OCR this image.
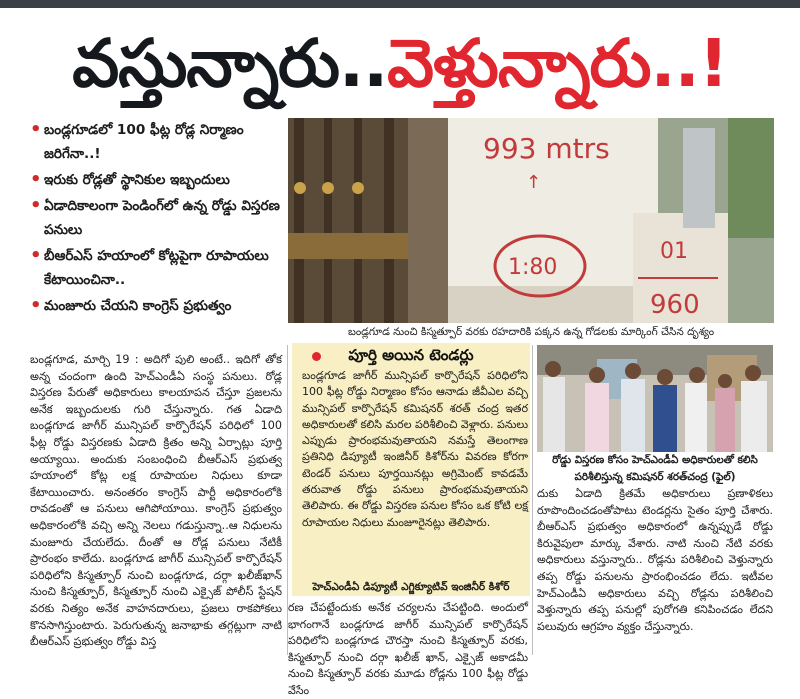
వస్తున్నారు..వెళ్తున్నారు..!
• బండ్లగూడలో 100 ఫీట్ల రోడ్ల నిర్మాణం జరిగేనా..!
• ఇరుకు రోడ్లతో స్థానికుల ఇబ్బందులు
• ఏడాదికాలంగా పెండింగ్‌లో ఉన్న రోడ్డు విస్తరణ పనులు
• బీఆర్‌ఎస్ హయాంలో కోట్లపైగా రూపాయలు కేటాయించినా..
• మంజూరు చేయని కాంగ్రెస్ ప్రభుత్వం
993 mtrs
↑
1:80
01
960
బండ్లగూడ నుంచి కిస్మత్పూర్ వరకు రహదారికి పక్కన ఉన్న గోడలకు మార్కింగ్ చేసిన దృశ్యం
బండ్లగూడ, మార్చి 19 : అదిగో పులి అంటే.. ఇదిగో తోక అన్న చందంగా ఉంది హెచ్ఎండీఏ సంస్థ పనులు. రోడ్ల విస్తరణ పేరుతో అధికారులు కాలయాపన చేస్తూ ప్రజలను అనేక ఇబ్బందులకు గురి చేస్తున్నారు. గత ఏడాది బండ్లగూడ జాగీర్ మున్సిపల్ కార్పొరేషన్ పరిధిలో 100 ఫీట్ల రోడ్డు విస్తరణకు ఏడాది క్రితం అన్ని ఏర్పాట్లు పూర్తి అయ్యాయి. అందుకు సంబంధించి బీఆర్ఎస్ ప్రభుత్వ హయాంలో కోట్ల లక్ష రూపాయల నిధులు కూడా కేటాయించారు. అనంతరం కాంగ్రెస్ పార్టీ అధికారంలోకి రావడంతో ఆ పనులు ఆగిపోయాయి. కాంగ్రెస్ ప్రభుత్వం అధికారంలోకి వచ్చి అన్ని నెలలు గడుస్తున్నా..ఆ నిధులను మంజూరు చేయలేదు. దీంతో ఆ రోడ్ల పనులు నేటికీ ప్రారంభం కాలేదు. బండ్లగూడ జాగీర్ మున్సిపల్ కార్పొరేషన్ పరిధిలోని కిస్మత్పూర్ నుంచి బండ్లగూడ, దర్గా ఖలీజ్‌ఖాన్ నుంచి కిస్మత్పూర్, కిస్మత్పూర్ నుంచి ఎక్సైజ్ పోలీస్ స్టేషన్ వరకు నిత్యం అనేక వాహనదారులు, ప్రజలు రాకపోకలు కొనసాగిస్తుంటారు. పెరుగుతున్న జనాభాకు తగ్గట్లుగా నాటి బీఆర్ఎస్ ప్రభుత్వం రోడ్డు విస్త
పూర్తి అయిన టెండర్లు
బండ్లగూడ జాగీర్ మున్సిపల్ కార్పొరేషన్ పరిధిలోని 100 ఫీట్ల రోడ్డు నిర్మాణం కోసం ఆనాడు జీవీఎల వచ్చి మున్సిపల్ కార్పొరేషన్ కమిషనర్ శరత్ చంద్ర ఇతర అధికారులతో కలిసి మరల పరిశీలించి వెళ్లారు. పనులు ఎప్పుడు ప్రారంభమవుతాయని నమస్తే తెలంగాణ ప్రతినిధి డిప్యూటీ ఇంజినీర్ కిశోర్‌ను వివరణ కోరగా టెండర్ పనులు పూర్తయినట్లు అగ్రిమెంట్ కావడమే తరువాత రోడ్డు పనులు ప్రారంభమవుతాయని తెలిపారు. ఈ రోడ్డు విస్తరణ పనుల కోసం ఒక కోటి లక్ష రూపాయల నిధులు మంజూరైనట్లు తెలిపారు.
హెచ్ఎండీఏ డిప్యూటీ ఎగ్జిక్యూటివ్ ఇంజినీర్ కిశోర్
రణ చేపట్టేందుకు అనేక చర్యలను చేపట్టింది. అందులో భాగంగానే బండ్లగూడ జాగీర్ మున్సిపల్ కార్పొరేషన్ పరిధిలోని బండ్లగూడ చౌరస్తా నుంచి కిస్మత్పూర్ వరకు, కిస్మత్పూర్ నుంచి దర్గా ఖలీజ్ ఖాన్, ఎక్సైజ్ అకాడమీ నుంచి కిస్మత్పూర్ వరకు మూడు రోడ్లను 100 ఫీట్ల రోడ్డు వేసేం
రోడ్డు విస్తరణ కోసం హెచ్‌ఎండీఏ అధికారులతో కలిసి పరిశీలిస్తున్న కమిషనర్ శరత్‌చంద్ర (ఫైల్)
దుకు ఏడాది క్రితమే అధికారులు ప్రణాళికలు రూపొందించడంతోపాటు టెండర్లను సైతం పూర్తి చేశారు. బీఆర్ఎస్ ప్రభుత్వం అధికారంలో ఉన్నప్పుడే రోడ్డు కిరువైపులా మార్కు వేశారు. నాటి నుంచి నేటి వరకు అధికారులు వస్తున్నారు.. రోడ్లను పరిశీలించి వెళ్తున్నారు తప్ప రోడ్డు పనులను ప్రారంభించడం లేదు. ఇటీవల హెచ్‌ఎండీఏ అధికారులు వచ్చి రోడ్లను పరిశీలించి వెళ్తున్నారు తప్ప పనుల్లో పురోగతి కనిపించడం లేదని పలువురు ఆగ్రహం వ్యక్తం చేస్తున్నారు.
